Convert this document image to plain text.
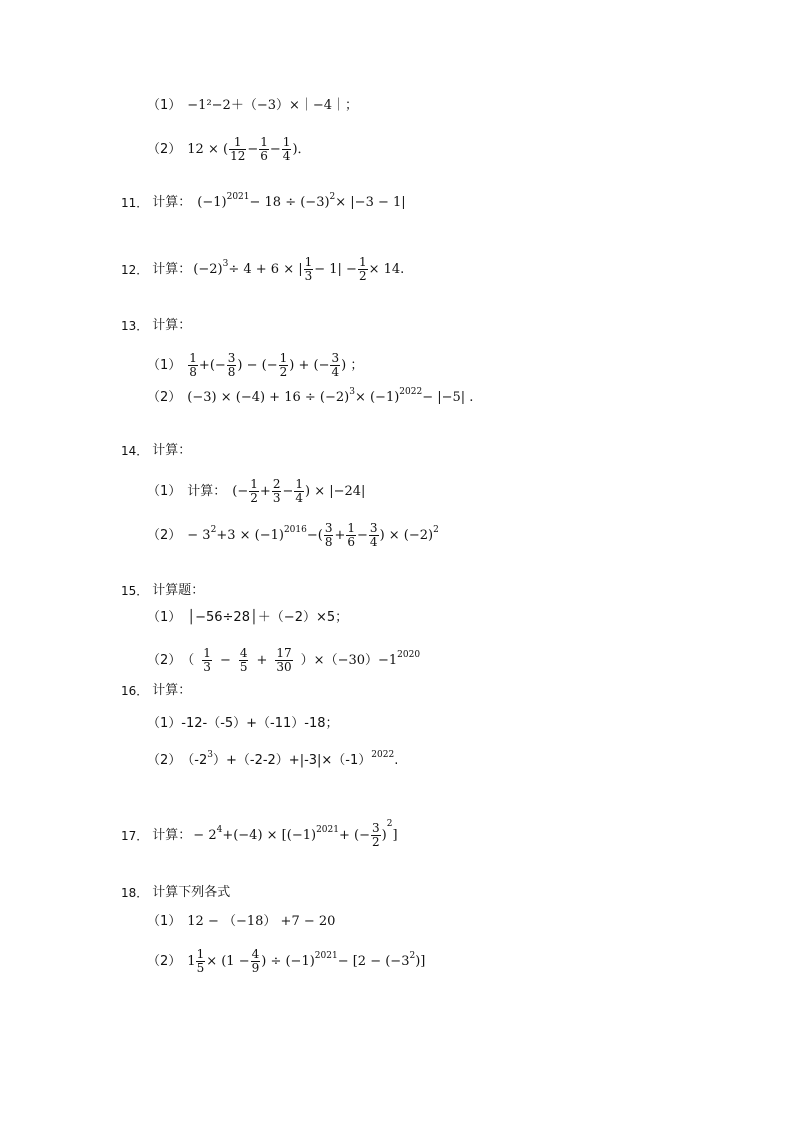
（1） −1²−2＋（−3）×｜−4｜；
（2） 12 × ( $\frac{1}{12} - \frac{1}{6} - \frac{1}{4}$ )．
11． 计算： (−1) 2021 − 18 ÷ (−3) 2 × |−3 − 1|
12． 计算： (−2) 3 ÷ 4 + 6 × | $\frac{1}{3} - 1| - \frac{1}{2} \times 14$.
13． 计算：
$(1) \frac{1}{8}$ +(− $\frac{3}{8}$ ) − (− $\frac{1}{2}$ ) + (− $\frac{3}{4}$ ) ；
（2） (−3) × (−4) + 16 ÷ (−2) 3 × (−1) 2022 − |−5| .
14． 计算：
（1） 计算： (− $\frac{1}{2} + \frac{2}{3} - \frac{1}{4}$ ) × |−24|
（2） − 3 2 +3 × (−1) 2016 −( $\frac{3}{8} + \frac{1}{6} - \frac{3}{4}$ ) × (−2) 2
15． 计算题：
（1） │−56÷28│＋（−2）×5；
（2） （ $\frac{1}{3} - \frac{4}{5} + \frac{17}{30} )\times(-30)-1$ 2020
16． 计算：
（1） -12-（-5）+（-11）-18；
（2） （-2 3 ）+（-2-2）+|-3|×（-1） 2022 .
17． 计算： − 2 4 +(−4) × [(−1) 2021 + (− $\frac{3}{2}$ )
2
]
18． 计算下列各式
（1） 12 − （−18） +7 − 20
（2） $1 \frac{1}{5} \times (1 - \frac{4}{9}$ ) ÷ (−1) 2021 − [2 − (−3 2 )]
